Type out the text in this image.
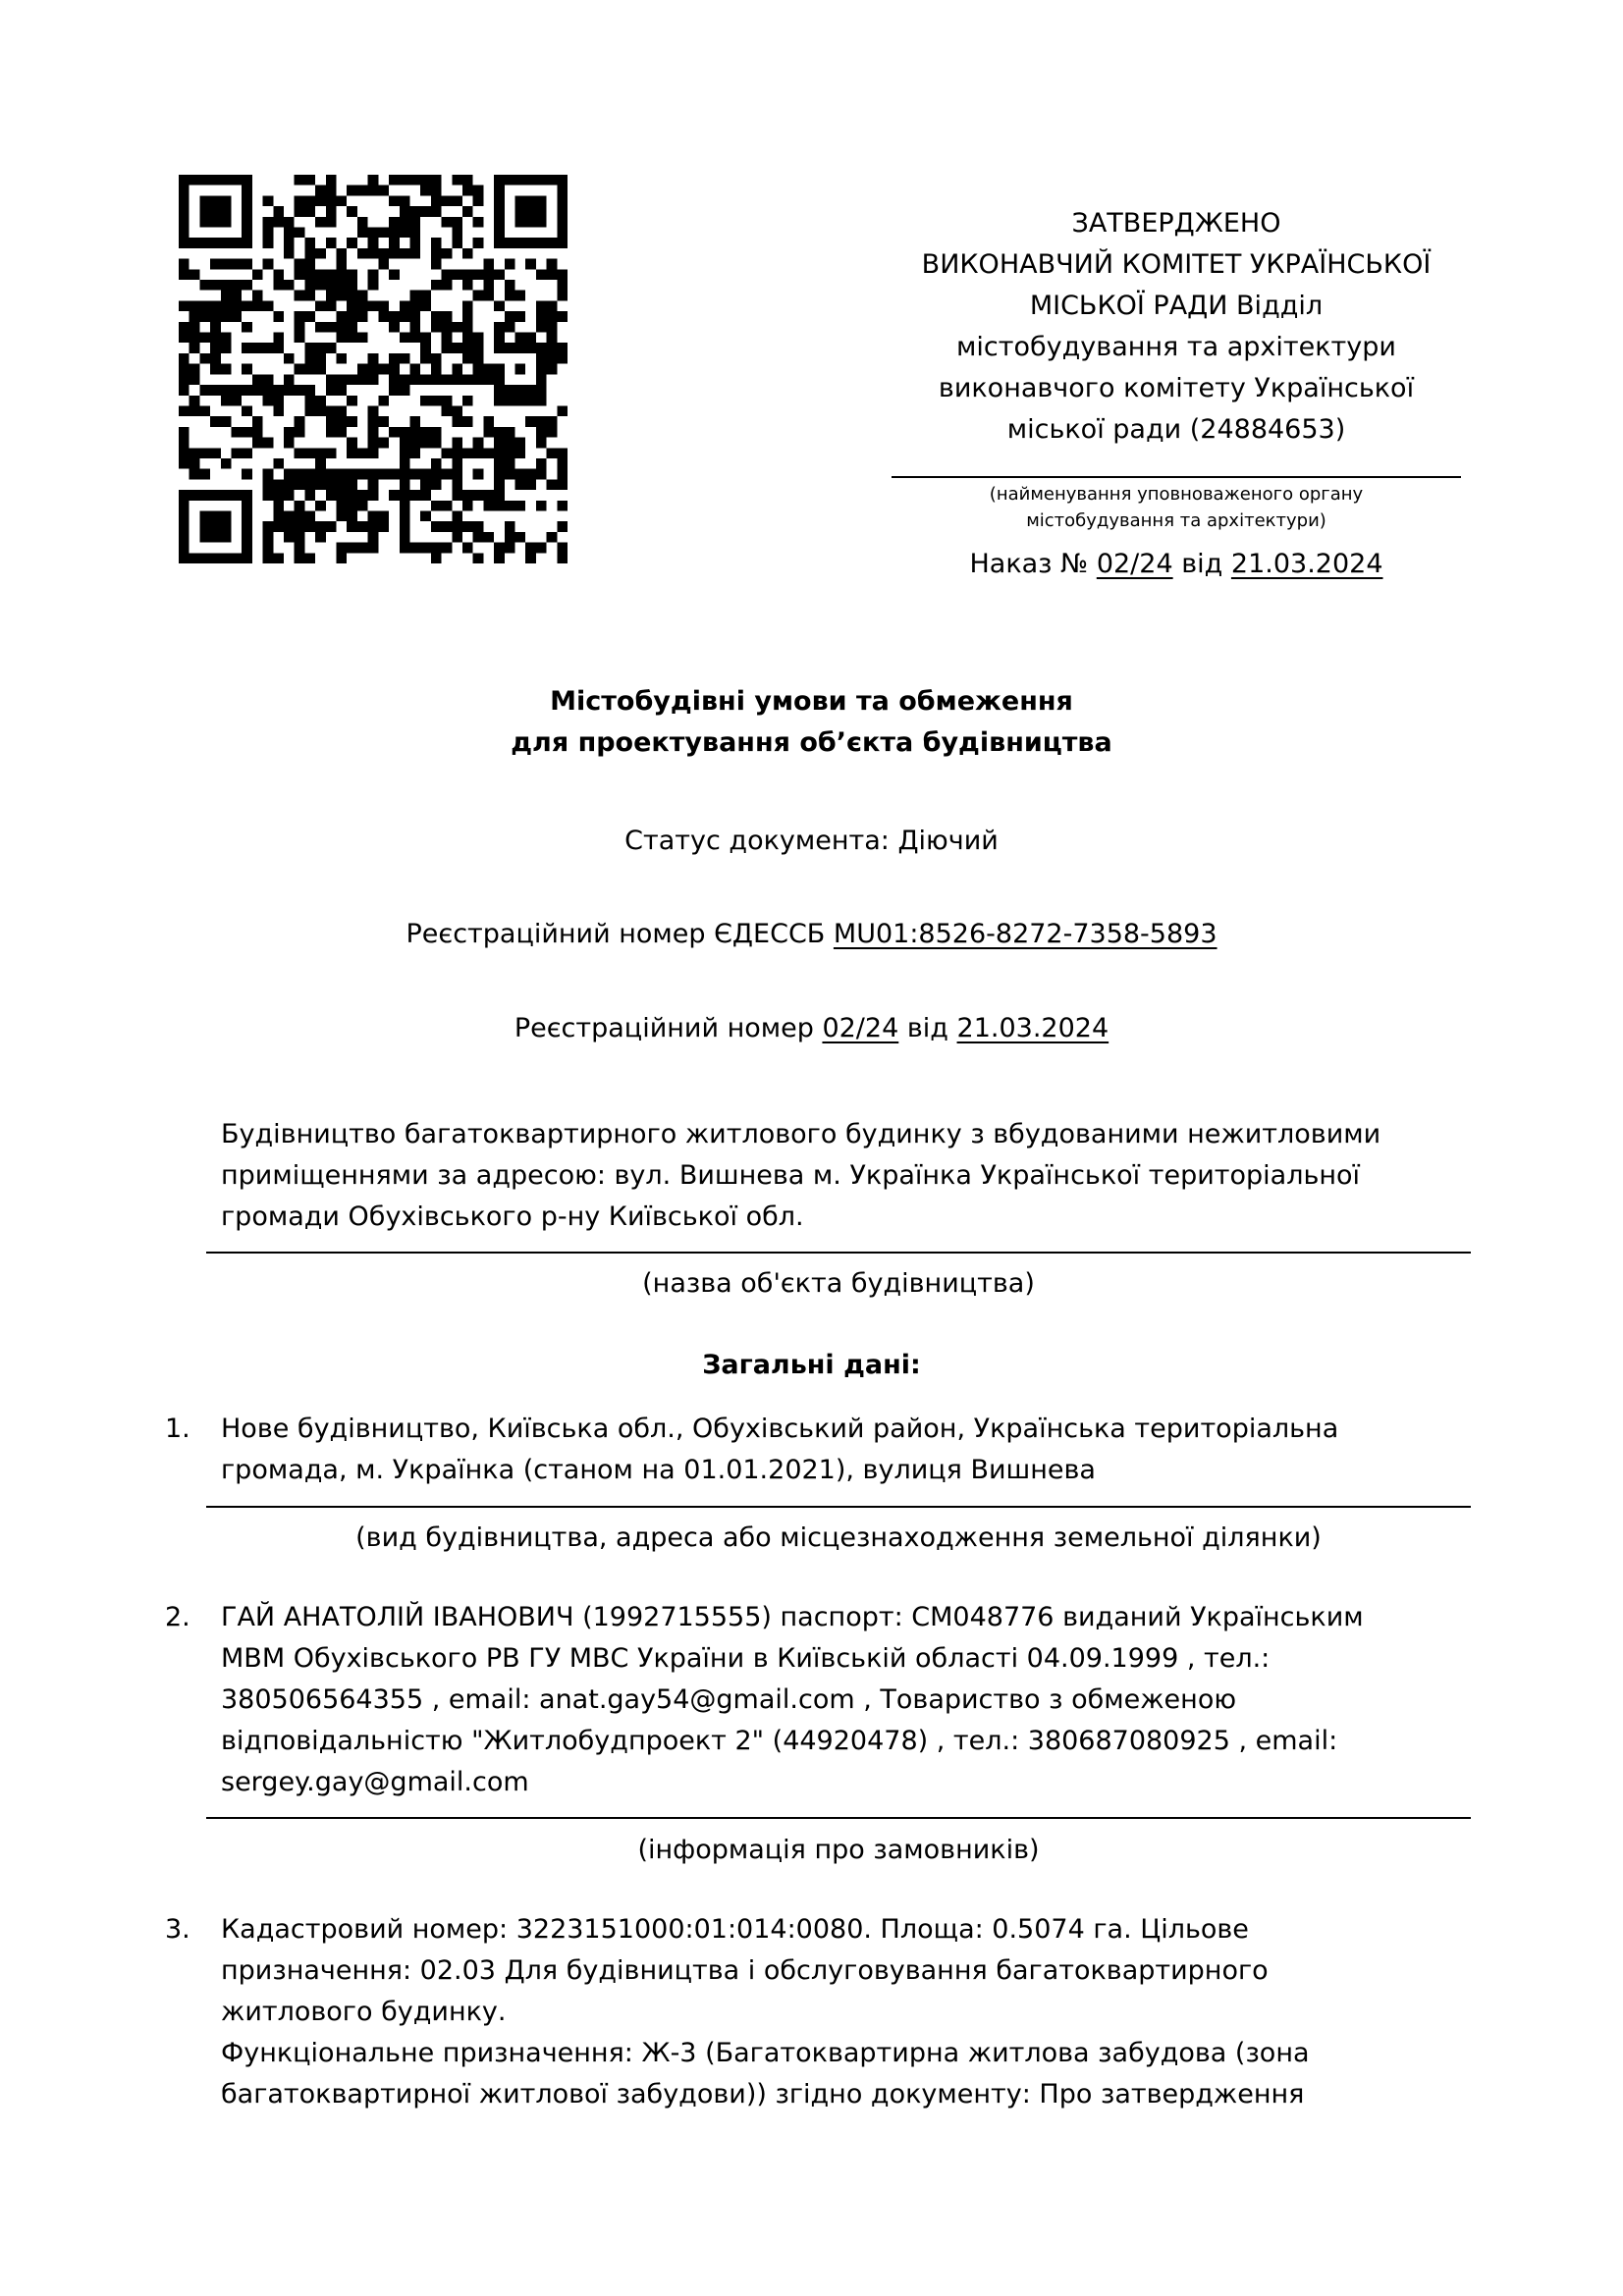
ЗАТВЕРДЖЕНО
ВИКОНАВЧИЙ КОМІТЕТ УКРАЇНСЬКОЇ
МІСЬКОЇ РАДИ Відділ
містобудування та архітектури
виконавчого комітету Української
міської ради (24884653)
(найменування уповноваженого органу
містобудування та архітектури)
Наказ № 02/24 від 21.03.2024
Містобудівні умови та обмеження
для проектування об’єкта будівництва
Статус документа: Діючий
Реєстраційний номер ЄДЕССБ MU01:8526-8272-7358-5893
Реєстраційний номер 02/24 від 21.03.2024
Будівництво багатоквартирного житлового будинку з вбудованими нежитловими
приміщеннями за адресою: вул. Вишнева м. Українка Української територіальної
громади Обухівського р-ну Київської обл.
(назва об'єкта будівництва)
Загальні дані:
1. Нове будівництво, Київська обл., Обухівський район, Українська територіальна
громада, м. Українка (станом на 01.01.2021), вулиця Вишнева
(вид будівництва, адреса або місцезнаходження земельної ділянки)
2. ГАЙ АНАТОЛІЙ ІВАНОВИЧ (1992715555) паспорт: СМ048776 виданий Українським
МВМ Обухівського РВ ГУ МВС України в Київській області 04.09.1999 , тел.:
380506564355 , email: anat.gay54@gmail.com , Товариство з обмеженою
відповідальністю "Житлобудпроект 2" (44920478) , тел.: 380687080925 , email:
sergey.gay@gmail.com
(інформація про замовників)
3. Кадастровий номер: 3223151000:01:014:0080. Площа: 0.5074 га. Цільове
призначення: 02.03 Для будівництва і обслуговування багатоквартирного
житлового будинку.
Функціональне призначення: Ж-3 (Багатоквартирна житлова забудова (зона
багатоквартирної житлової забудови)) згідно документу: Про затвердження
